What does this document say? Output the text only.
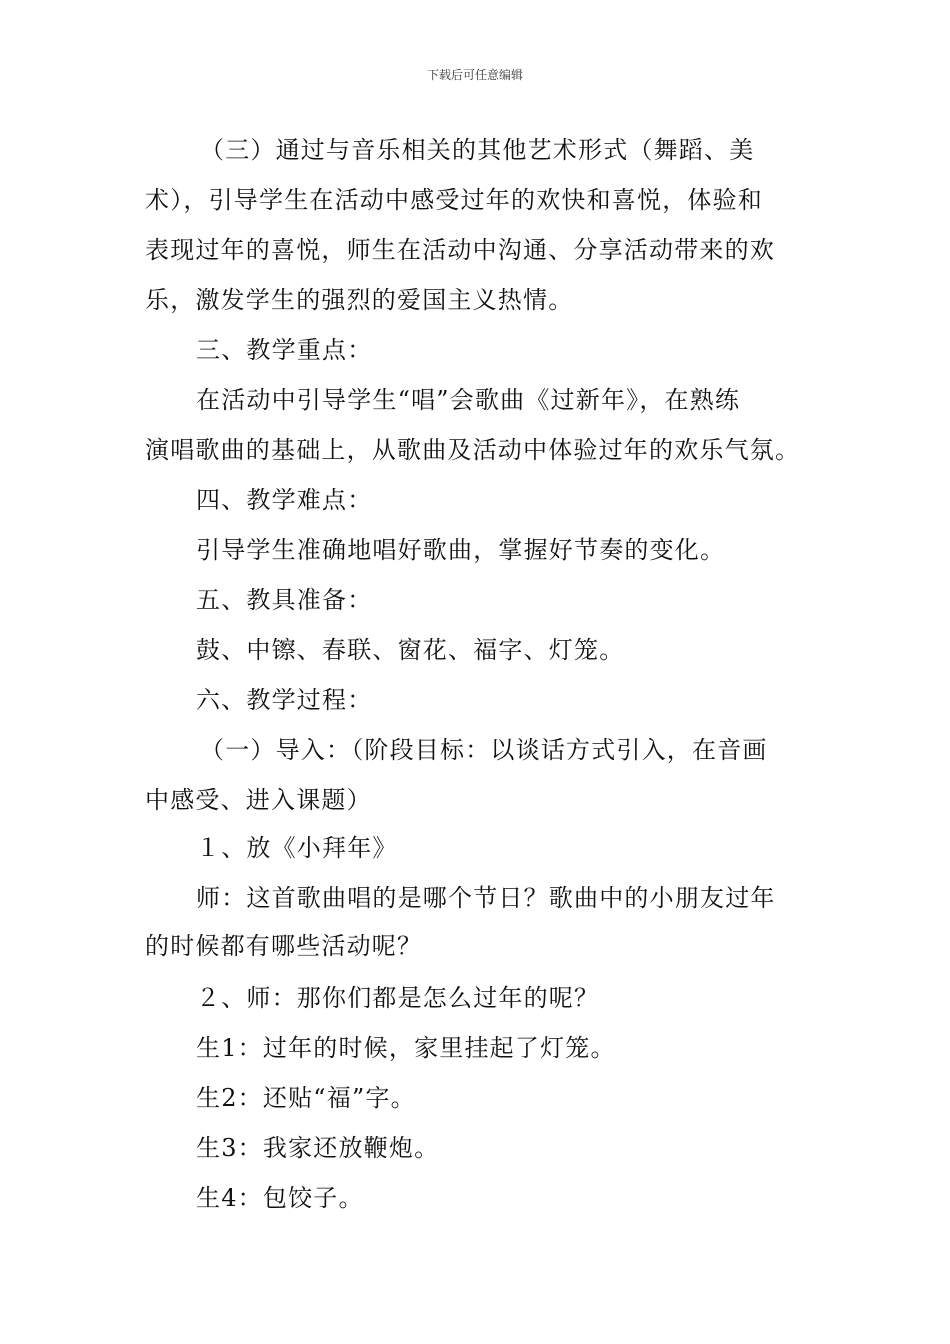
下载后可任意编辑
（三）通过与音乐相关的其他艺术形式（舞蹈、美
术），引导学生在活动中感受过年的欢快和喜悦，体验和
表现过年的喜悦，师生在活动中沟通、分享活动带来的欢
乐，激发学生的强烈的爱国主义热情。
三、教学重点：
在活动中引导学生“唱”会歌曲《过新年》，在熟练
演唱歌曲的基础上，从歌曲及活动中体验过年的欢乐气氛。
四、教学难点：
引导学生准确地唱好歌曲，掌握好节奏的变化。
五、教具准备：
鼓、中镲、春联、窗花、福字、灯笼。
六、教学过程：
（一）导入：（阶段目标：以谈话方式引入，在音画
中感受、进入课题）
１、放《小拜年》
师：这首歌曲唱的是哪个节日？歌曲中的小朋友过年
的时候都有哪些活动呢？
２、师：那你们都是怎么过年的呢？
生1：过年的时候，家里挂起了灯笼。
生2：还贴“福”字。
生3：我家还放鞭炮。
生4：包饺子。
